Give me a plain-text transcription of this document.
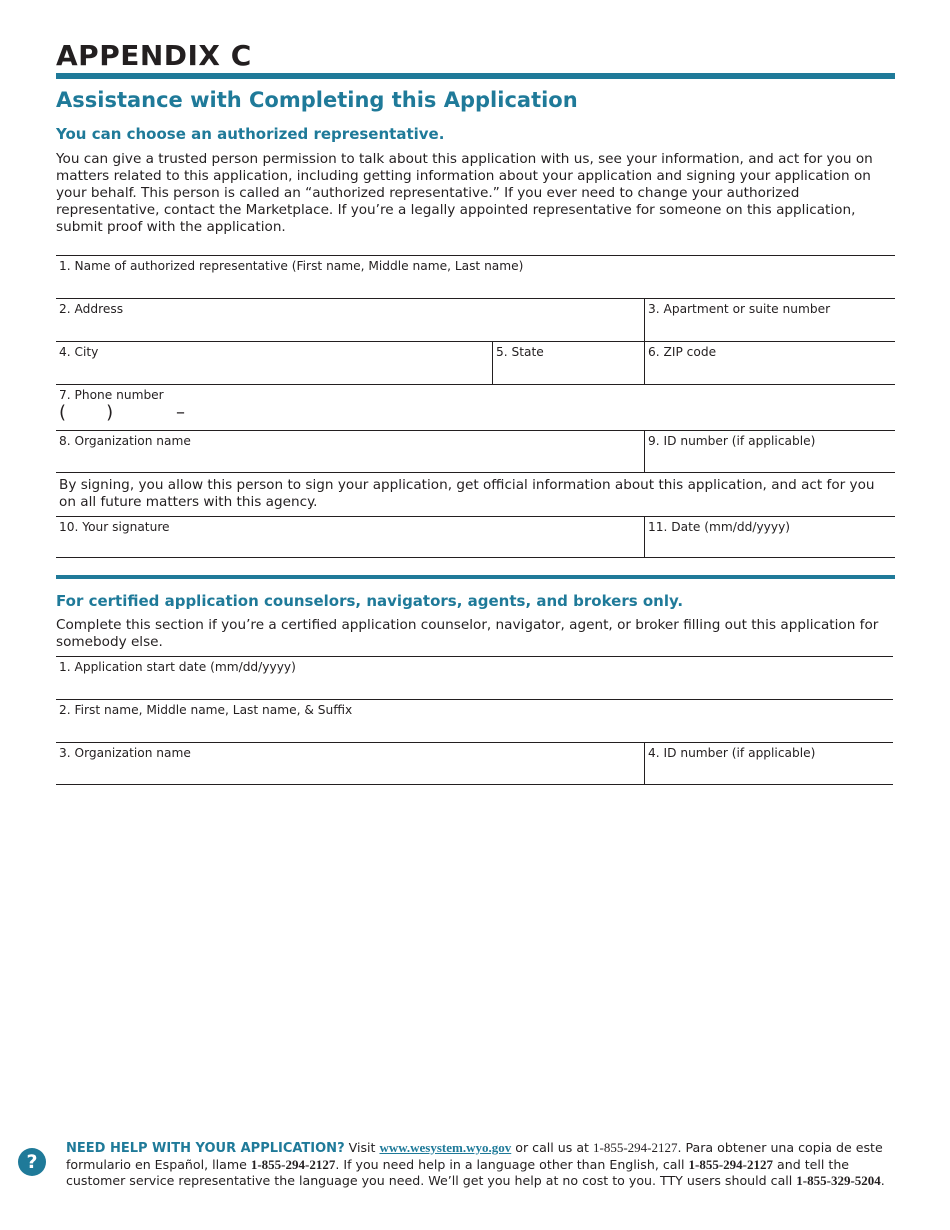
APPENDIX C
Assistance with Completing this Application
You can choose an authorized representative.
You can give a trusted person permission to talk about this application with us, see your information, and act for you on matters related to this application, including getting information about your application and signing your application on your behalf. This person is called an “authorized representative.” If you ever need to change your authorized representative, contact the Marketplace. If you’re a legally appointed representative for someone on this application, submit proof with the application.
1. Name of authorized representative (First name, Middle name, Last name)
2. Address	3. Apartment or suite number
4. City	5. State	6. ZIP code
7. Phone number
(       )           –
8. Organization name	9. ID number (if applicable)
By signing, you allow this person to sign your application, get official information about this application, and act for you on all future matters with this agency.
10. Your signature	11. Date (mm/dd/yyyy)
For certified application counselors, navigators, agents, and brokers only.
Complete this section if you’re a certified application counselor, navigator, agent, or broker filling out this application for somebody else.
1. Application start date (mm/dd/yyyy)
2. First name, Middle name, Last name, & Suffix
3. Organization name	4. ID number (if applicable)
?
NEED HELP WITH YOUR APPLICATION? Visit www.wesystem.wyo.gov or call us at 1-855-294-2127. Para obtener una copia de este formulario en Español, llame 1-855-294-2127. If you need help in a language other than English, call 1-855-294-2127 and tell the customer service representative the language you need. We’ll get you help at no cost to you. TTY users should call 1-855-329-5204.
